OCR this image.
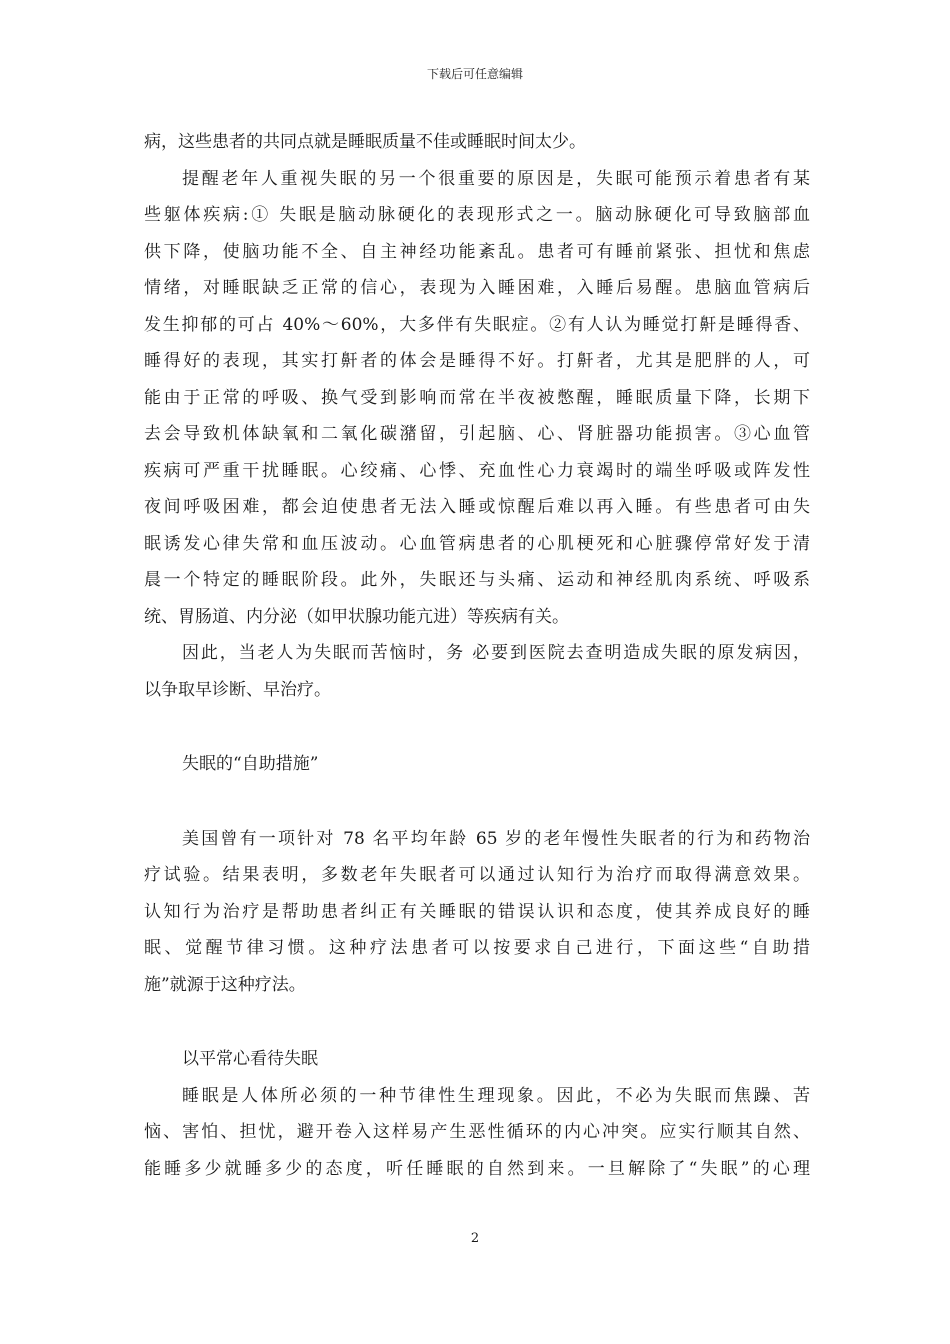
下载后可任意编辑
病，这些患者的共同点就是睡眠质量不佳或睡眠时间太少。
提醒老年人重视失眠的另一个很重要的原因是，失眠可能预示着患者有某
些躯体疾病:① 失眠是脑动脉硬化的表现形式之一。脑动脉硬化可导致脑部血
供下降，使脑功能不全、自主神经功能紊乱。患者可有睡前紧张、担忧和焦虑
情绪，对睡眠缺乏正常的信心，表现为入睡困难，入睡后易醒。患脑血管病后
发生抑郁的可占 40%～60%，大多伴有失眠症。②有人认为睡觉打鼾是睡得香、
睡得好的表现，其实打鼾者的体会是睡得不好。打鼾者，尤其是肥胖的人，可
能由于正常的呼吸、换气受到影响而常在半夜被憋醒，睡眠质量下降，长期下
去会导致机体缺氧和二氧化碳潴留，引起脑、心、肾脏器功能损害。③心血管
疾病可严重干扰睡眠。心绞痛、心悸、充血性心力衰竭时的端坐呼吸或阵发性
夜间呼吸困难，都会迫使患者无法入睡或惊醒后难以再入睡。有些患者可由失
眠诱发心律失常和血压波动。心血管病患者的心肌梗死和心脏骤停常好发于清
晨一个特定的睡眠阶段。此外，失眠还与头痛、运动和神经肌肉系统、呼吸系
统、胃肠道、内分泌（如甲状腺功能亢进）等疾病有关。
因此，当老人为失眠而苦恼时，务 必要到医院去查明造成失眠的原发病因，
以争取早诊断、早治疗。
失眠的“自助措施”
美国曾有一项针对 78 名平均年龄 65 岁的老年慢性失眠者的行为和药物治
疗试验。结果表明，多数老年失眠者可以通过认知行为治疗而取得满意效果。
认知行为治疗是帮助患者纠正有关睡眠的错误认识和态度，使其养成良好的睡
眠、觉醒节律习惯。这种疗法患者可以按要求自己进行，下面这些“自助措
施”就源于这种疗法。
以平常心看待失眠
睡眠是人体所必须的一种节律性生理现象。因此，不必为失眠而焦躁、苦
恼、害怕、担忧，避开卷入这样易产生恶性循环的内心冲突。应实行顺其自然、
能睡多少就睡多少的态度，听任睡眠的自然到来。一旦解除了“失眠”的心理
2
